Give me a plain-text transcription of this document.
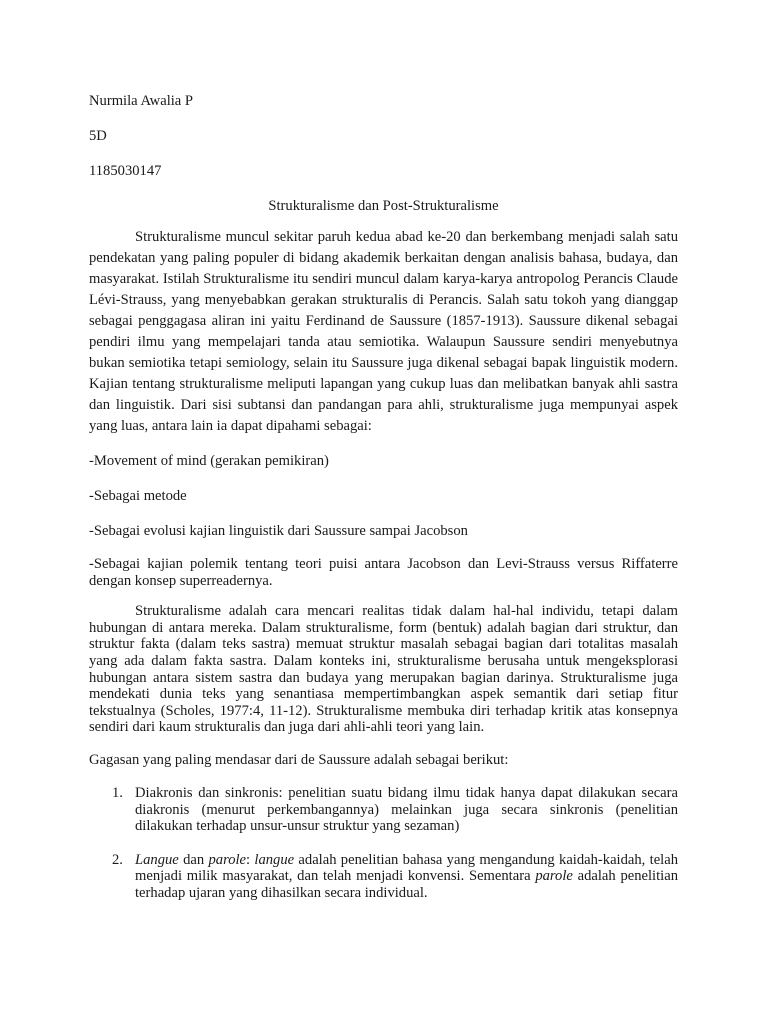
Nurmila Awalia P

5D

1185030147

Strukturalisme dan Post-Strukturalisme

Strukturalisme muncul sekitar paruh kedua abad ke-20 dan berkembang menjadi salah satu pendekatan yang paling populer di bidang akademik berkaitan dengan analisis bahasa, budaya, dan masyarakat. Istilah Strukturalisme itu sendiri muncul dalam karya-karya antropolog Perancis Claude Lévi-Strauss, yang menyebabkan gerakan strukturalis di Perancis. Salah satu tokoh yang dianggap sebagai penggagasa aliran ini yaitu Ferdinand de Saussure (1857-1913). Saussure dikenal sebagai pendiri ilmu yang mempelajari tanda atau semiotika. Walaupun Saussure sendiri menyebutnya bukan semiotika tetapi semiology, selain itu Saussure juga dikenal sebagai bapak linguistik modern. Kajian tentang strukturalisme meliputi lapangan yang cukup luas dan melibatkan banyak ahli sastra dan linguistik. Dari sisi subtansi dan pandangan para ahli, strukturalisme juga mempunyai aspek yang luas, antara lain ia dapat dipahami sebagai:

-Movement of mind (gerakan pemikiran)

-Sebagai metode

-Sebagai evolusi kajian linguistik dari Saussure sampai Jacobson

-Sebagai kajian polemik tentang teori puisi antara Jacobson dan Levi-Strauss versus Riffaterre dengan konsep superreadernya.

Strukturalisme adalah cara mencari realitas tidak dalam hal-hal individu, tetapi dalam hubungan di antara mereka. Dalam strukturalisme, form (bentuk) adalah bagian dari struktur, dan struktur fakta (dalam teks sastra) memuat struktur masalah sebagai bagian dari totalitas masalah yang ada dalam fakta sastra. Dalam konteks ini, strukturalisme berusaha untuk mengeksplorasi hubungan antara sistem sastra dan budaya yang merupakan bagian darinya. Strukturalisme juga mendekati dunia teks yang senantiasa mempertimbangkan aspek semantik dari setiap fitur tekstualnya (Scholes, 1977:4, 11-12). Strukturalisme membuka diri terhadap kritik atas konsepnya sendiri dari kaum strukturalis dan juga dari ahli-ahli teori yang lain.

Gagasan yang paling mendasar dari de Saussure adalah sebagai berikut:

1. Diakronis dan sinkronis: penelitian suatu bidang ilmu tidak hanya dapat dilakukan secara diakronis (menurut perkembangannya) melainkan juga secara sinkronis (penelitian dilakukan terhadap unsur-unsur struktur yang sezaman)
2. Langue dan parole: langue adalah penelitian bahasa yang mengandung kaidah-kaidah, telah menjadi milik masyarakat, dan telah menjadi konvensi. Sementara parole adalah penelitian terhadap ujaran yang dihasilkan secara individual.
